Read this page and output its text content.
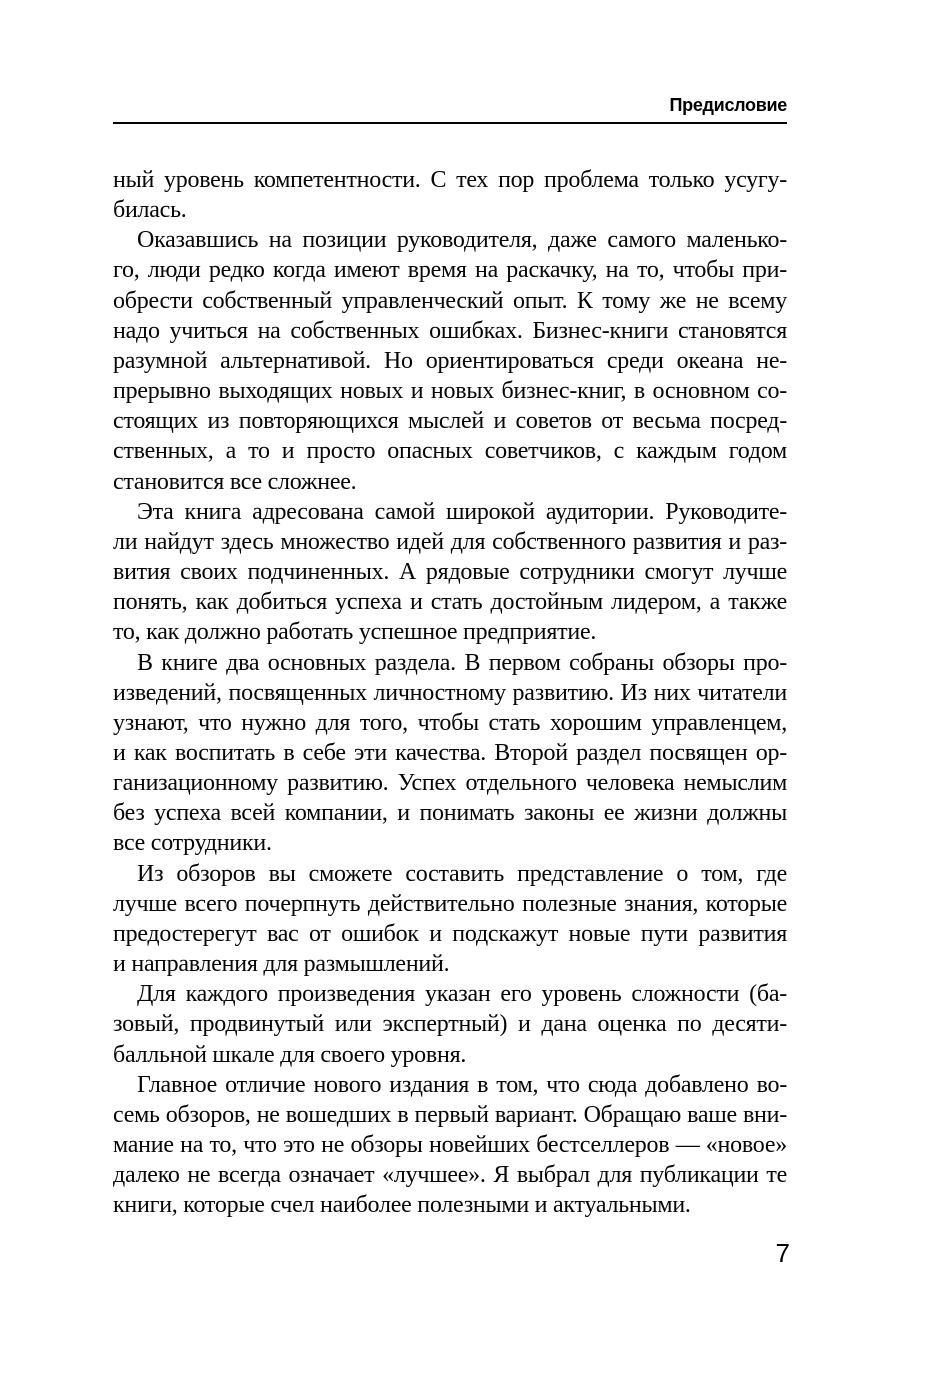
Предисловие
ный уровень компетентности. С тех пор проблема только усугу-
билась.
Оказавшись на позиции руководителя, даже самого маленько-
го, люди редко когда имеют время на раскачку, на то, чтобы при-
обрести собственный управленческий опыт. К тому же не всему
надо учиться на собственных ошибках. Бизнес-книги становятся
разумной альтернативой. Но ориентироваться среди океана не-
прерывно выходящих новых и новых бизнес-книг, в основном со-
стоящих из повторяющихся мыслей и советов от весьма посред-
ственных, а то и просто опасных советчиков, с каждым годом
становится все сложнее.
Эта книга адресована самой широкой аудитории. Руководите-
ли найдут здесь множество идей для собственного развития и раз-
вития своих подчиненных. А рядовые сотрудники смогут лучше
понять, как добиться успеха и стать достойным лидером, а также
то, как должно работать успешное предприятие.
В книге два основных раздела. В первом собраны обзоры про-
изведений, посвященных личностному развитию. Из них читатели
узнают, что нужно для того, чтобы стать хорошим управленцем,
и как воспитать в себе эти качества. Второй раздел посвящен ор-
ганизационному развитию. Успех отдельного человека немыслим
без успеха всей компании, и понимать законы ее жизни должны
все сотрудники.
Из обзоров вы сможете составить представление о том, где
лучше всего почерпнуть действительно полезные знания, которые
предостерегут вас от ошибок и подскажут новые пути развития
и направления для размышлений.
Для каждого произведения указан его уровень сложности (ба-
зовый, продвинутый или экспертный) и дана оценка по десяти-
балльной шкале для своего уровня.
Главное отличие нового издания в том, что сюда добавлено во-
семь обзоров, не вошедших в первый вариант. Обращаю ваше вни-
мание на то, что это не обзоры новейших бестселлеров — «новое»
далеко не всегда означает «лучшее». Я выбрал для публикации те
книги, которые счел наиболее полезными и актуальными.
7
